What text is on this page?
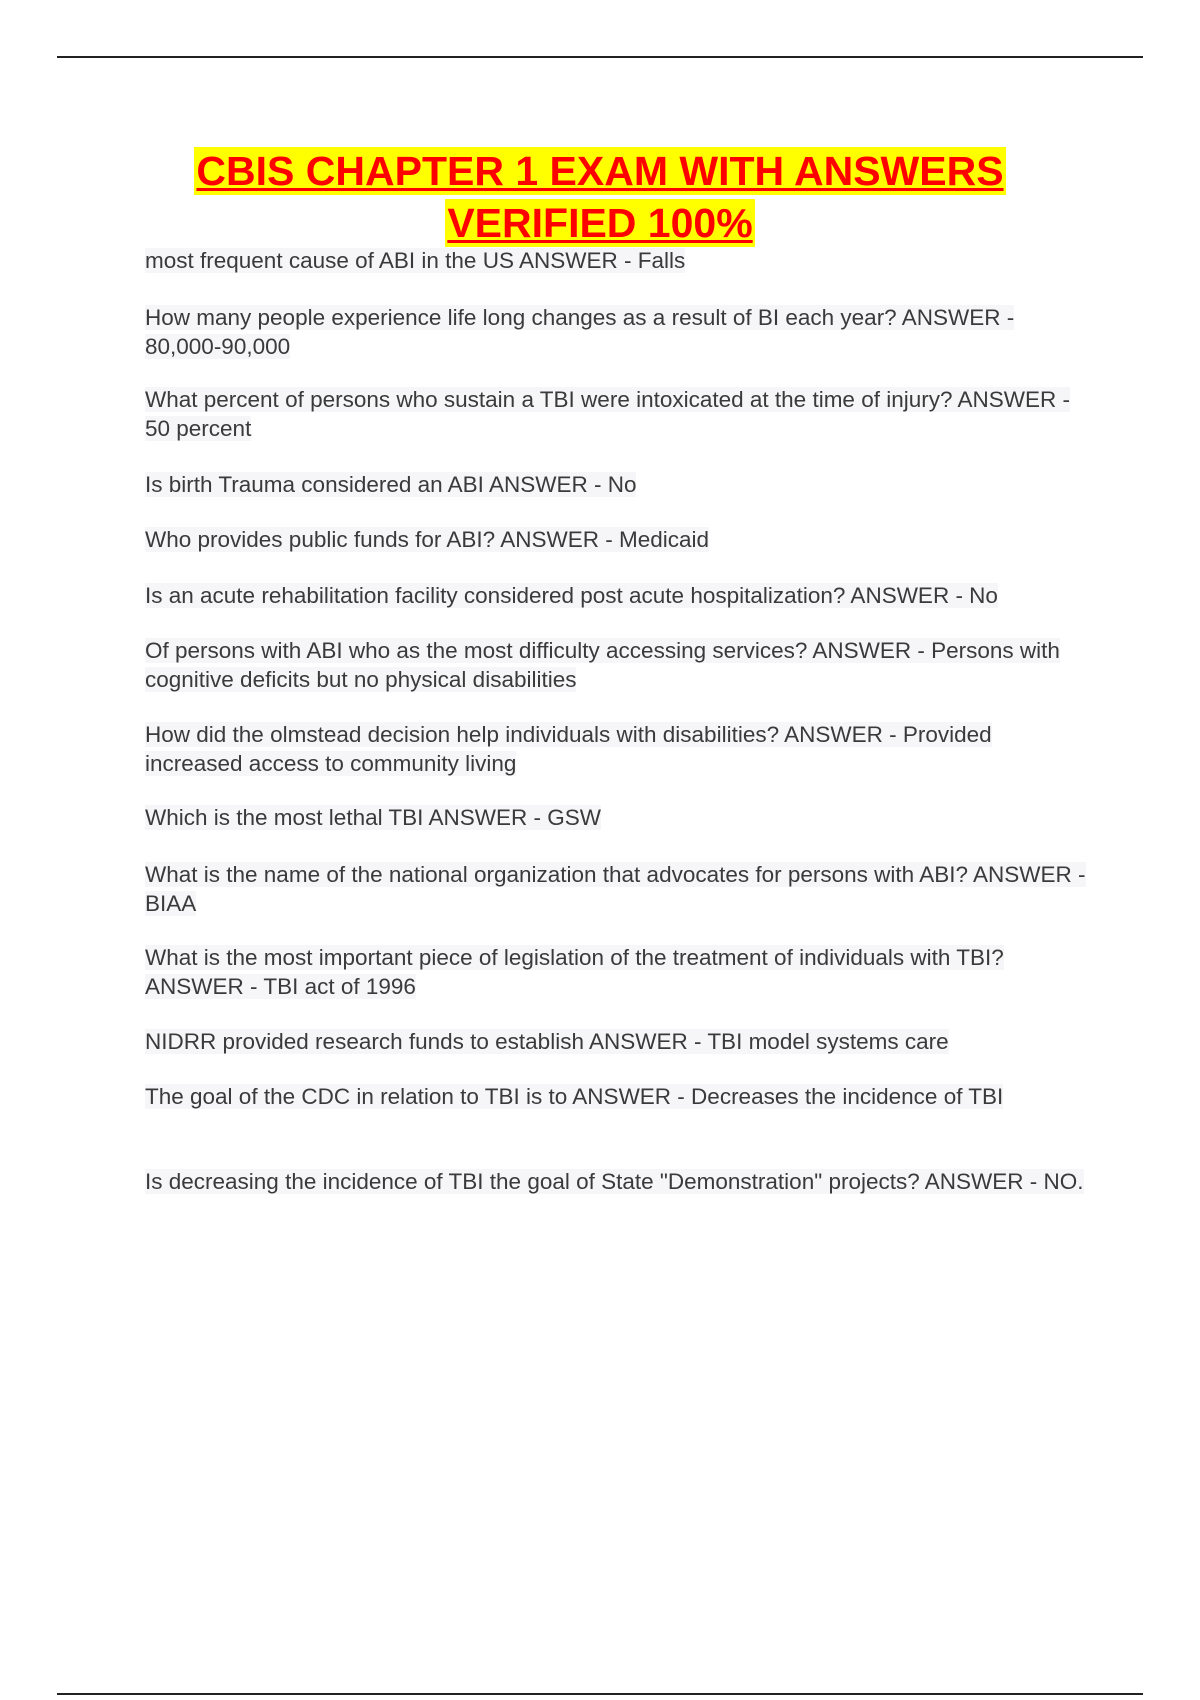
CBIS CHAPTER 1 EXAM WITH ANSWERS
VERIFIED 100%
most frequent cause of ABI in the US ANSWER - Falls
How many people experience life long changes as a result of BI each year? ANSWER - 80,000-90,000
What percent of persons who sustain a TBI were intoxicated at the time of injury? ANSWER - 50 percent
Is birth Trauma considered an ABI ANSWER - No
Who provides public funds for ABI? ANSWER - Medicaid
Is an acute rehabilitation facility considered post acute hospitalization? ANSWER - No
Of persons with ABI who as the most difficulty accessing services? ANSWER - Persons with cognitive deficits but no physical disabilities
How did the olmstead decision help individuals with disabilities? ANSWER - Provided increased access to community living
Which is the most lethal TBI ANSWER - GSW
What is the name of the national organization that advocates for persons with ABI? ANSWER - BIAA
What is the most important piece of legislation of the treatment of individuals with TBI? ANSWER - TBI act of 1996
NIDRR provided research funds to establish ANSWER - TBI model systems care
The goal of the CDC in relation to TBI is to ANSWER - Decreases the incidence of TBI
Is decreasing the incidence of TBI the goal of State "Demonstration" projects? ANSWER - NO.
